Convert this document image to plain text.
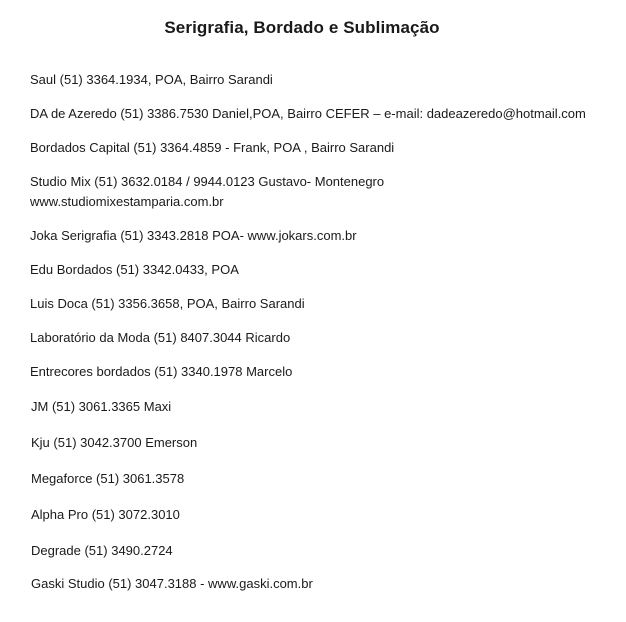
Serigrafia, Bordado e Sublimação
Saul (51) 3364.1934, POA, Bairro Sarandi
DA de Azeredo (51) 3386.7530 Daniel,POA, Bairro CEFER – e-mail: dadeazeredo@hotmail.com
Bordados Capital (51) 3364.4859 - Frank, POA , Bairro Sarandi
Studio Mix (51) 3632.0184 / 9944.0123 Gustavo- Montenegro
www.studiomixestamparia.com.br
Joka Serigrafia (51) 3343.2818 POA- www.jokars.com.br
Edu Bordados (51) 3342.0433, POA
Luis Doca (51) 3356.3658, POA, Bairro Sarandi
Laboratório da Moda (51) 8407.3044 Ricardo
Entrecores bordados (51) 3340.1978 Marcelo
JM (51) 3061.3365 Maxi
Kju (51) 3042.3700 Emerson
Megaforce (51) 3061.3578
Alpha Pro (51) 3072.3010
Degrade (51) 3490.2724
Gaski Studio (51) 3047.3188 - www.gaski.com.br
